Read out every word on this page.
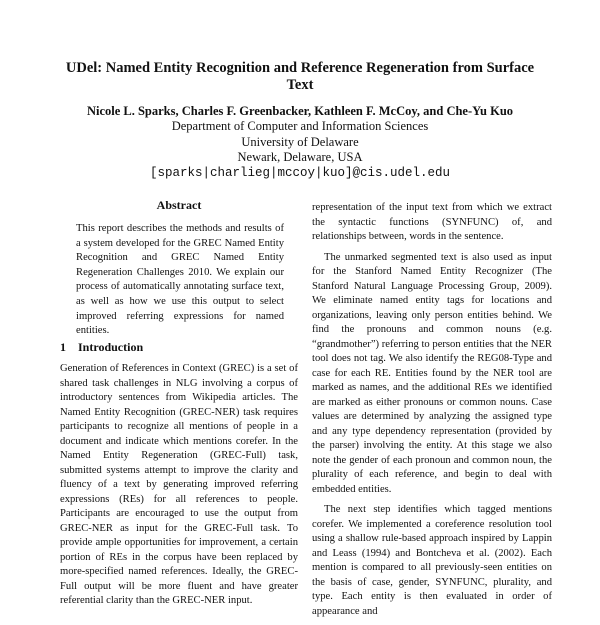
UDel: Named Entity Recognition and Reference Regeneration from Surface Text
Nicole L. Sparks, Charles F. Greenbacker, Kathleen F. McCoy, and Che-Yu Kuo
Department of Computer and Information Sciences
University of Delaware
Newark, Delaware, USA
[sparks|charlieg|mccoy|kuo]@cis.udel.edu
Abstract
This report describes the methods and results of a system developed for the GREC Named Entity Recognition and GREC Named Entity Regeneration Challenges 2010. We explain our process of automatically annotating surface text, as well as how we use this output to select improved referring expressions for named entities.
1 Introduction

Generation of References in Context (GREC) is a set of shared task challenges in NLG involving a corpus of introductory sentences from Wikipedia articles. The Named Entity Recognition (GREC-NER) task requires participants to recognize all mentions of people in a document and indicate which mentions corefer. In the Named Entity Regeneration (GREC-Full) task, submitted systems attempt to improve the clarity and fluency of a text by generating improved referring expressions (REs) for all references to people. Participants are encouraged to use the output from GREC-NER as input for the GREC-Full task. To provide ample opportunities for improvement, a certain portion of REs in the corpus have been replaced by more-specified named references. Ideally, the GREC-Full output will be more fluent and have greater referential clarity than the GREC-NER input.

representation of the input text from which we extract the syntactic functions (SYNFUNC) of, and relationships between, words in the sentence.

The unmarked segmented text is also used as input for the Stanford Named Entity Recognizer (The Stanford Natural Language Processing Group, 2009). We eliminate named entity tags for locations and organizations, leaving only person entities behind. We find the pronouns and common nouns (e.g. “grandmother”) referring to person entities that the NER tool does not tag. We also identify the REG08-Type and case for each RE. Entities found by the NER tool are marked as names, and the additional REs we identified are marked as either pronouns or common nouns. Case values are determined by analyzing the assigned type and any type dependency representation (provided by the parser) involving the entity. At this stage we also note the gender of each pronoun and common noun, the plurality of each reference, and begin to deal with embedded entities.

The next step identifies which tagged mentions corefer. We implemented a coreference resolution tool using a shallow rule-based approach inspired by Lappin and Leass (1994) and Bontcheva et al. (2002). Each mention is compared to all previously-seen entities on the basis of case, gender, SYNFUNC, plurality, and type. Each entity is then evaluated in order of appearance and
